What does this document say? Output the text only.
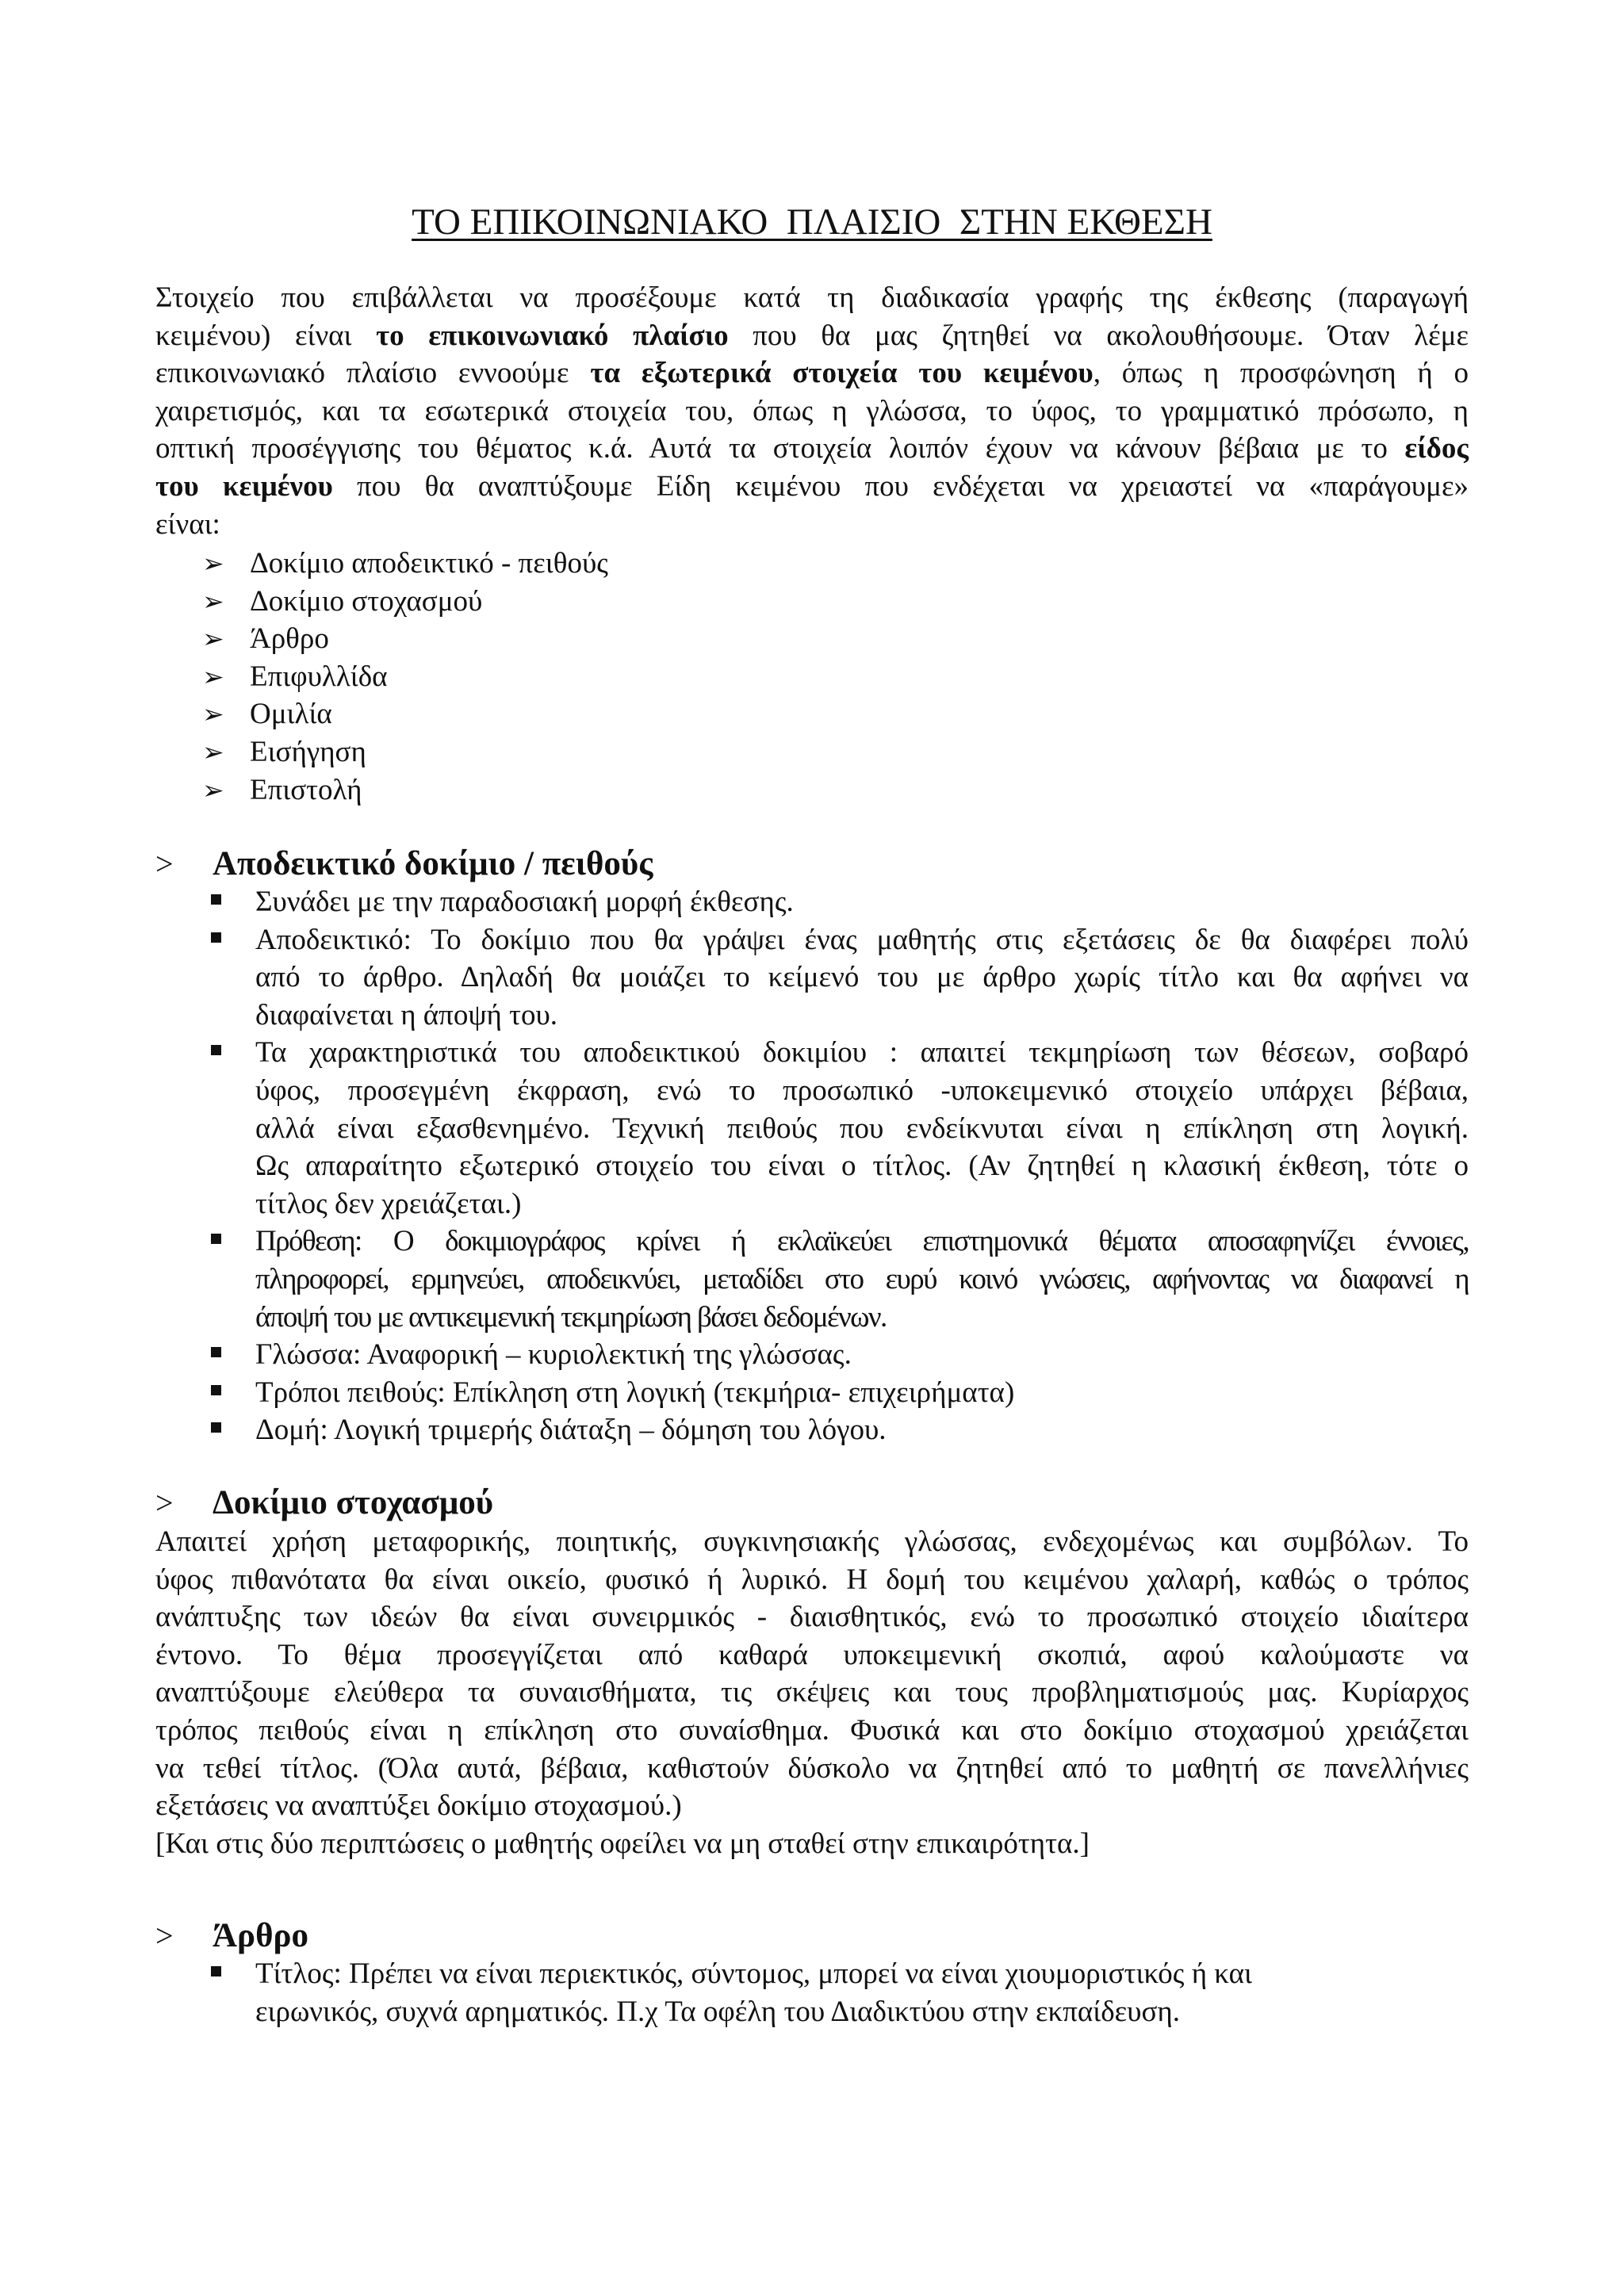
ΤΟ ΕΠΙΚΟΙΝΩΝΙΑΚΟ  ΠΛΑΙΣΙΟ  ΣΤΗΝ ΕΚΘΕΣΗ
Στοιχείο που επιβάλλεται να προσέξουμε κατά τη διαδικασία γραφής της έκθεσης (παραγωγή
κειμένου) είναι το επικοινωνιακό πλαίσιο που θα μας ζητηθεί να ακολουθήσουμε. Όταν λέμε
επικοινωνιακό πλαίσιο εννοούμε τα εξωτερικά στοιχεία του κειμένου, όπως η προσφώνηση ή ο
χαιρετισμός, και τα εσωτερικά στοιχεία του, όπως η γλώσσα, το ύφος, το γραμματικό πρόσωπο, η
οπτική προσέγγισης του θέματος κ.ά. Αυτά τα στοιχεία λοιπόν έχουν να κάνουν βέβαια με το είδος
του κειμένου που θα αναπτύξουμε Είδη κειμένου που ενδέχεται να χρειαστεί να «παράγουμε»
είναι:
➢ Δοκίμιο αποδεικτικό - πειθούς
➢ Δοκίμιο στοχασμού
➢ Άρθρο
➢ Επιφυλλίδα
➢ Ομιλία
➢ Εισήγηση
➢ Επιστολή
> Αποδεικτικό δοκίμιο / πειθούς
Συνάδει με την παραδοσιακή μορφή έκθεσης.
Αποδεικτικό: Το δοκίμιο που θα γράψει ένας μαθητής στις εξετάσεις δε θα διαφέρει πολύ
από το άρθρο. Δηλαδή θα μοιάζει το κείμενό του με άρθρο χωρίς τίτλο και θα αφήνει να
διαφαίνεται η άποψή του.
Τα χαρακτηριστικά του αποδεικτικού δοκιμίου : απαιτεί τεκμηρίωση των θέσεων, σοβαρό
ύφος, προσεγμένη έκφραση, ενώ το προσωπικό -υποκειμενικό στοιχείο υπάρχει βέβαια,
αλλά είναι εξασθενημένο. Τεχνική πειθούς που ενδείκνυται είναι η επίκληση στη λογική.
Ως απαραίτητο εξωτερικό στοιχείο του είναι ο τίτλος. (Αν ζητηθεί η κλασική έκθεση, τότε ο
τίτλος δεν χρειάζεται.)
Πρόθεση: Ο δοκιμιογράφος κρίνει ή εκλαϊκεύει επιστημονικά θέματα αποσαφηνίζει έννοιες,
πληροφορεί, ερμηνεύει, αποδεικνύει, μεταδίδει στο ευρύ κοινό γνώσεις, αφήνοντας να διαφανεί η
άποψή του με αντικειμενική τεκμηρίωση βάσει δεδομένων.
Γλώσσα: Αναφορική – κυριολεκτική της γλώσσας.
Τρόποι πειθούς: Επίκληση στη λογική (τεκμήρια- επιχειρήματα)
Δομή: Λογική τριμερής διάταξη – δόμηση του λόγου.
> Δοκίμιο στοχασμού
Απαιτεί χρήση μεταφορικής, ποιητικής, συγκινησιακής γλώσσας, ενδεχομένως και συμβόλων. Το
ύφος πιθανότατα θα είναι οικείο, φυσικό ή λυρικό. Η δομή του κειμένου χαλαρή, καθώς ο τρόπος
ανάπτυξης των ιδεών θα είναι συνειρμικός - διαισθητικός, ενώ το προσωπικό στοιχείο ιδιαίτερα
έντονο. Το θέμα προσεγγίζεται από καθαρά υποκειμενική σκοπιά, αφού καλούμαστε να
αναπτύξουμε ελεύθερα τα συναισθήματα, τις σκέψεις και τους προβληματισμούς μας. Κυρίαρχος
τρόπος πειθούς είναι η επίκληση στο συναίσθημα. Φυσικά και στο δοκίμιο στοχασμού χρειάζεται
να τεθεί τίτλος. (Όλα αυτά, βέβαια, καθιστούν δύσκολο να ζητηθεί από το μαθητή σε πανελλήνιες
εξετάσεις να αναπτύξει δοκίμιο στοχασμού.)
[Και στις δύο περιπτώσεις ο μαθητής οφείλει να μη σταθεί στην επικαιρότητα.]
> Άρθρο
Τίτλος: Πρέπει να είναι περιεκτικός, σύντομος, μπορεί να είναι χιουμοριστικός ή και
ειρωνικός, συχνά αρηματικός. Π.χ Τα οφέλη του Διαδικτύου στην εκπαίδευση.
